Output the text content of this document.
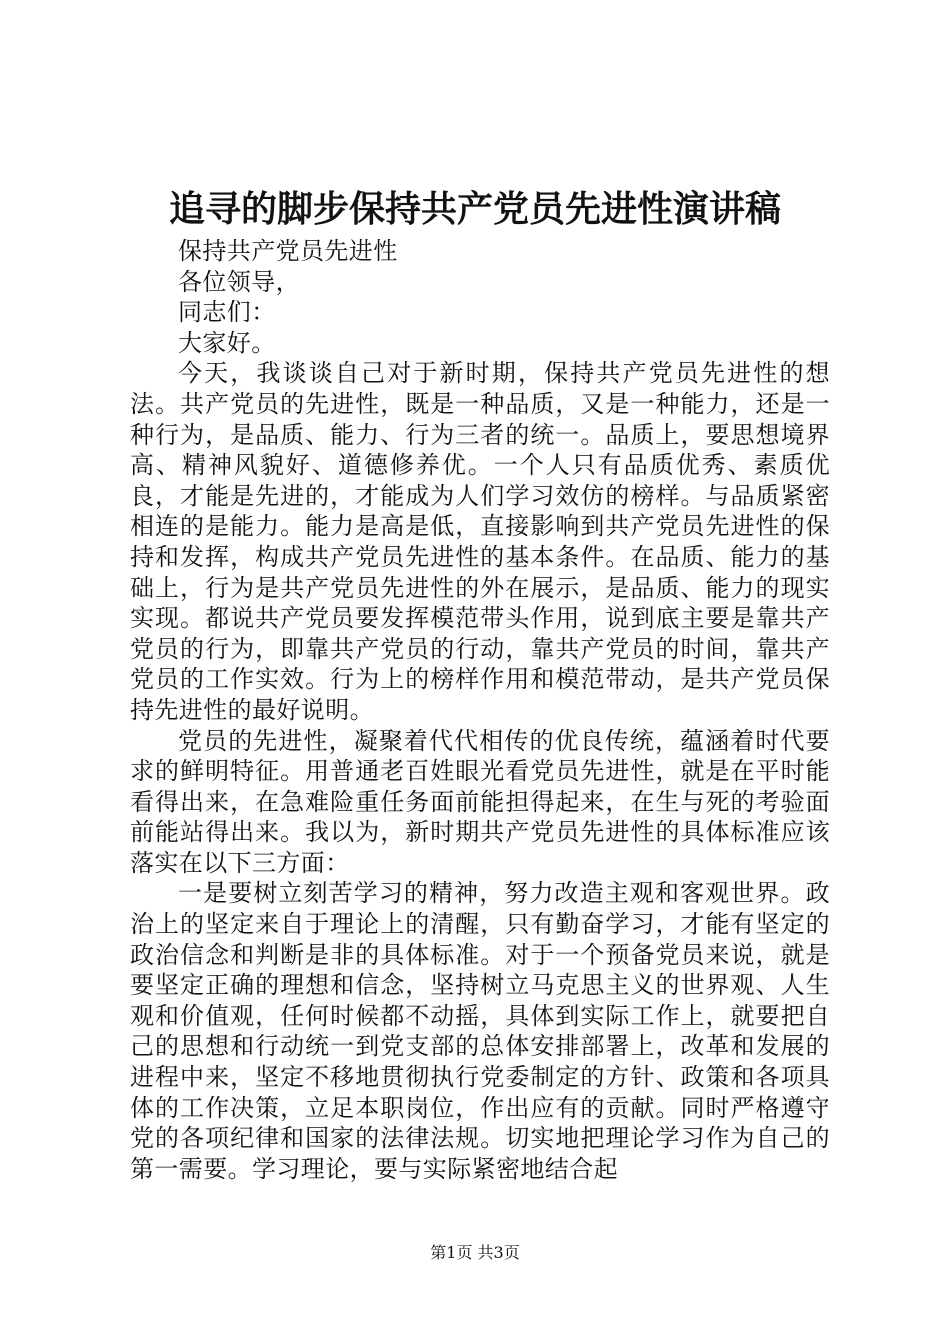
追寻的脚步保持共产党员先进性演讲稿

保持共产党员先进性

各位领导，

同志们：

大家好。

今天，我谈谈自己对于新时期，保持共产党员先进性的想法。共产党员的先进性，既是一种品质，又是一种能力，还是一种行为，是品质、能力、行为三者的统一。品质上，要思想境界高、精神风貌好、道德修养优。一个人只有品质优秀、素质优良，才能是先进的，才能成为人们学习效仿的榜样。与品质紧密相连的是能力。能力是高是低，直接影响到共产党员先进性的保持和发挥，构成共产党员先进性的基本条件。在品质、能力的基础上，行为是共产党员先进性的外在展示，是品质、能力的现实实现。都说共产党员要发挥模范带头作用，说到底主要是靠共产党员的行为，即靠共产党员的行动，靠共产党员的时间，靠共产党员的工作实效。行为上的榜样作用和模范带动，是共产党员保持先进性的最好说明。

党员的先进性，凝聚着代代相传的优良传统，蕴涵着时代要求的鲜明特征。用普通老百姓眼光看党员先进性，就是在平时能看得出来，在急难险重任务面前能担得起来，在生与死的考验面前能站得出来。我以为，新时期共产党员先进性的具体标准应该落实在以下三方面：

一是要树立刻苦学习的精神，努力改造主观和客观世界。政治上的坚定来自于理论上的清醒，只有勤奋学习，才能有坚定的政治信念和判断是非的具体标准。对于一个预备党员来说，就是要坚定正确的理想和信念，坚持树立马克思主义的世界观、人生观和价值观，任何时候都不动摇，具体到实际工作上，就要把自己的思想和行动统一到党支部的总体安排部署上，改革和发展的进程中来，坚定不移地贯彻执行党委制定的方针、政策和各项具体的工作决策，立足本职岗位，作出应有的贡献。同时严格遵守党的各项纪律和国家的法律法规。切实地把理论学习作为自己的第一需要。学习理论，要与实际紧密地结合起

第1页 共3页
